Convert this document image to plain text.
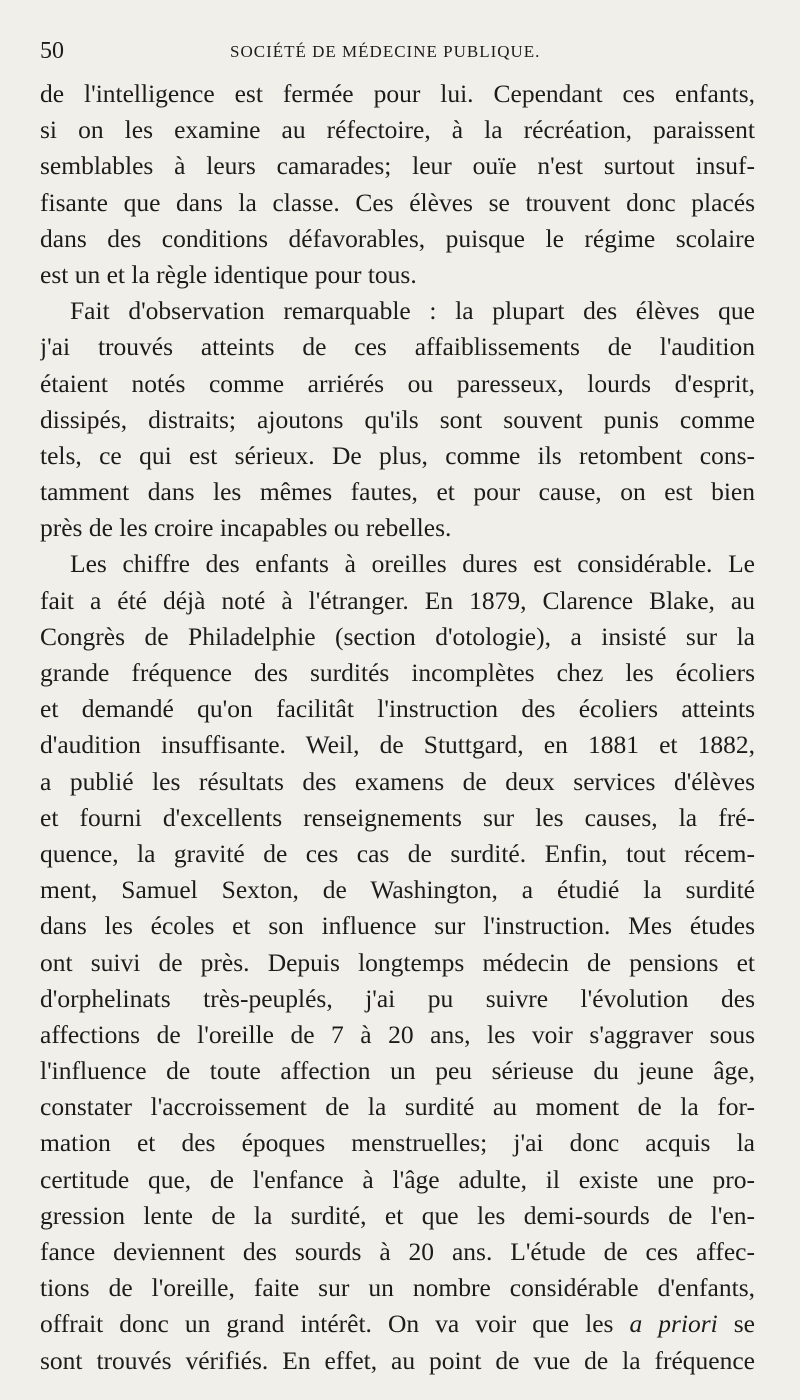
50	SOCIÉTÉ DE MÉDECINE PUBLIQUE.
de l'intelligence est fermée pour lui. Cependant ces enfants,
si on les examine au réfectoire, à la récréation, paraissent
semblables à leurs camarades; leur ouïe n'est surtout insuf-
fisante que dans la classe. Ces élèves se trouvent donc placés
dans des conditions défavorables, puisque le régime scolaire
est un et la règle identique pour tous.
Fait d'observation remarquable : la plupart des élèves que
j'ai trouvés atteints de ces affaiblissements de l'audition
étaient notés comme arriérés ou paresseux, lourds d'esprit,
dissipés, distraits; ajoutons qu'ils sont souvent punis comme
tels, ce qui est sérieux. De plus, comme ils retombent cons-
tamment dans les mêmes fautes, et pour cause, on est bien
près de les croire incapables ou rebelles.
Les chiffre des enfants à oreilles dures est considérable. Le
fait a été déjà noté à l'étranger. En 1879, Clarence Blake, au
Congrès de Philadelphie (section d'otologie), a insisté sur la
grande fréquence des surdités incomplètes chez les écoliers
et demandé qu'on facilitât l'instruction des écoliers atteints
d'audition insuffisante. Weil, de Stuttgard, en 1881 et 1882,
a publié les résultats des examens de deux services d'élèves
et fourni d'excellents renseignements sur les causes, la fré-
quence, la gravité de ces cas de surdité. Enfin, tout récem-
ment, Samuel Sexton, de Washington, a étudié la surdité
dans les écoles et son influence sur l'instruction. Mes études
ont suivi de près. Depuis longtemps médecin de pensions et
d'orphelinats très-peuplés, j'ai pu suivre l'évolution des
affections de l'oreille de 7 à 20 ans, les voir s'aggraver sous
l'influence de toute affection un peu sérieuse du jeune âge,
constater l'accroissement de la surdité au moment de la for-
mation et des époques menstruelles; j'ai donc acquis la
certitude que, de l'enfance à l'âge adulte, il existe une pro-
gression lente de la surdité, et que les demi-sourds de l'en-
fance deviennent des sourds à 20 ans. L'étude de ces affec-
tions de l'oreille, faite sur un nombre considérable d'enfants,
offrait donc un grand intérêt. On va voir que les a priori se
sont trouvés vérifiés. En effet, au point de vue de la fréquence
